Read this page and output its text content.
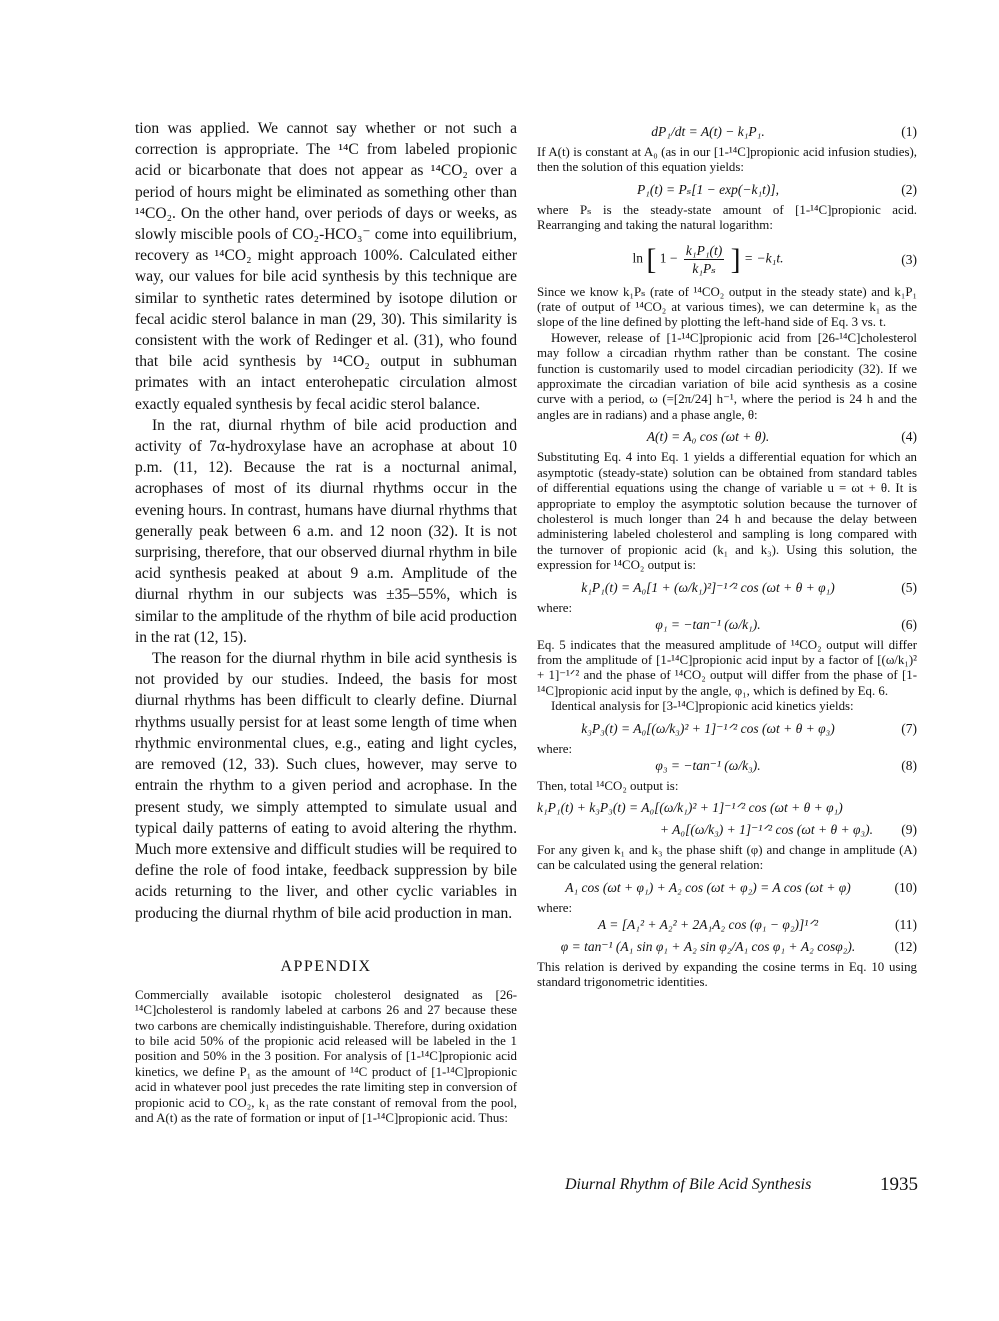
tion was applied. We cannot say whether or not such a correction is appropriate. The ¹⁴C from labeled propionic acid or bicarbonate that does not appear as ¹⁴CO₂ over a period of hours might be eliminated as something other than ¹⁴CO₂. On the other hand, over periods of days or weeks, as slowly miscible pools of CO₂-HCO₃⁻ come into equilibrium, recovery as ¹⁴CO₂ might approach 100%. Calculated either way, our values for bile acid synthesis by this technique are similar to synthetic rates determined by isotope dilution or fecal acidic sterol balance in man (29, 30). This similarity is consistent with the work of Redinger et al. (31), who found that bile acid synthesis by ¹⁴CO₂ output in subhuman primates with an intact enterohepatic circulation almost exactly equaled synthesis by fecal acidic sterol balance.

In the rat, diurnal rhythm of bile acid production and activity of 7α-hydroxylase have an acrophase at about 10 p.m. (11, 12). Because the rat is a nocturnal animal, acrophases of most of its diurnal rhythms occur in the evening hours. In contrast, humans have diurnal rhythms that generally peak between 6 a.m. and 12 noon (32). It is not surprising, therefore, that our observed diurnal rhythm in bile acid synthesis peaked at about 9 a.m. Amplitude of the diurnal rhythm in our subjects was ±35–55%, which is similar to the amplitude of the rhythm of bile acid production in the rat (12, 15).

The reason for the diurnal rhythm in bile acid synthesis is not provided by our studies. Indeed, the basis for most diurnal rhythms has been difficult to clearly define. Diurnal rhythms usually persist for at least some length of time when rhythmic environmental clues, e.g., eating and light cycles, are removed (12, 33). Such clues, however, may serve to entrain the rhythm to a given period and acrophase. In the present study, we simply attempted to simulate usual and typical daily patterns of eating to avoid altering the rhythm. Much more extensive and difficult studies will be required to define the role of food intake, feedback suppression by bile acids returning to the liver, and other cyclic variables in producing the diurnal rhythm of bile acid production in man.

APPENDIX

Commercially available isotopic cholesterol designated as [26-¹⁴C]cholesterol is randomly labeled at carbons 26 and 27 because these two carbons are chemically indistinguishable. Therefore, during oxidation to bile acid 50% of the propionic acid released will be labeled in the 1 position and 50% in the 3 position. For analysis of [1-¹⁴C]propionic acid kinetics, we define P₁ as the amount of ¹⁴C product of [1-¹⁴C]propionic acid in whatever pool just precedes the rate limiting step in conversion of propionic acid to CO₂, k₁ as the rate constant of removal from the pool, and A(t) as the rate of formation or input of [1-¹⁴C]propionic acid. Thus:

dP₁/dt = A(t) − k₁P₁.	(1)

If A(t) is constant at A₀ (as in our [1-¹⁴C]propionic acid infusion studies), then the solution of this equation yields:

P₁(t) = Pₛ[1 − exp(−k₁t)],	(2)

where Pₛ is the steady-state amount of [1-¹⁴C]propionic acid. Rearranging and taking the natural logarithm:

ln [ $1 - \frac{\text{k₁P₁(t)}}{\text{k₁Pₛ}}$ ] = −k₁t.	(3)

Since we know k₁Pₛ (rate of ¹⁴CO₂ output in the steady state) and k₁P₁ (rate of output of ¹⁴CO₂ at various times), we can determine k₁ as the slope of the line defined by plotting the left-hand side of Eq. 3 vs. t.

However, release of [1-¹⁴C]propionic acid from [26-¹⁴C]cholesterol may follow a circadian rhythm rather than be constant. The cosine function is customarily used to model circadian periodicity (32). If we approximate the circadian variation of bile acid synthesis as a cosine curve with a period, ω (=[2π/24] h⁻¹, where the period is 24 h and the angles are in radians) and a phase angle, θ:

A(t) = A₀ cos (ωt + θ).	(4)

Substituting Eq. 4 into Eq. 1 yields a differential equation for which an asymptotic (steady-state) solution can be obtained from standard tables of differential equations using the change of variable u = ωt + θ. It is appropriate to employ the asymptotic solution because the turnover of cholesterol is much longer than 24 h and because the delay between administering labeled cholesterol and sampling is long compared with the turnover of propionic acid (k₁ and k₃). Using this solution, the expression for ¹⁴CO₂ output is:

k₁P₁(t) = A₀[1 + (ω/k₁)²]⁻¹ᐟ² cos (ωt + θ + φ₁)	(5)

where:

φ₁ = −tan⁻¹ (ω/k₁).	(6)

Eq. 5 indicates that the measured amplitude of ¹⁴CO₂ output will differ from the amplitude of [1-¹⁴C]propionic acid input by a factor of [(ω/k₁)² + 1]⁻¹ᐟ² and the phase of ¹⁴CO₂ output will differ from the phase of [1-¹⁴C]propionic acid input by the angle, φ₁, which is defined by Eq. 6.

Identical analysis for [3-¹⁴C]propionic acid kinetics yields:

k₃P₃(t) = A₀[(ω/k₃)² + 1]⁻¹ᐟ² cos (ωt + θ + φ₃)	(7)

where:

φ₃ = −tan⁻¹ (ω/k₃).	(8)

Then, total ¹⁴CO₂ output is:

k₁P₁(t) + k₃P₃(t) = A₀[(ω/k₁)² + 1]⁻¹ᐟ² cos (ωt + θ + φ₁)
+ A₀[(ω/k₃) + 1]⁻¹ᐟ² cos (ωt + θ + φ₃).	(9)

For any given k₁ and k₃ the phase shift (φ) and change in amplitude (A) can be calculated using the general relation:

A₁ cos (ωt + φ₁) + A₂ cos (ωt + φ₂) = A cos (ωt + φ)	(10)

where:

A = [A₁² + A₂² + 2A₁A₂ cos (φ₁ − φ₂)]¹ᐟ²	(11)
φ = tan⁻¹ (A₁ sin φ₁ + A₂ sin φ₂/A₁ cos φ₁ + A₂ cosφ₂).	(12)

This relation is derived by expanding the cosine terms in Eq. 10 using standard trigonometric identities.

Diurnal Rhythm of Bile Acid Synthesis	1935
